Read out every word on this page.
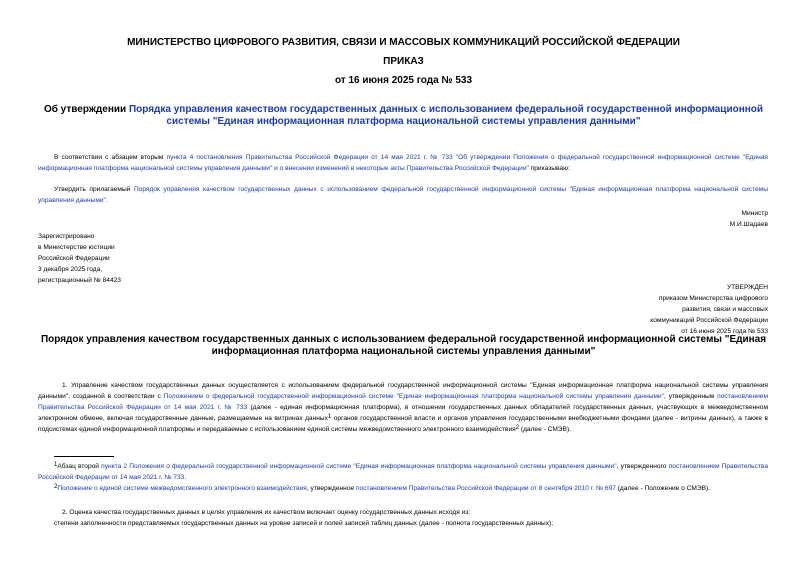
МИНИСТЕРСТВО ЦИФРОВОГО РАЗВИТИЯ, СВЯЗИ И МАССОВЫХ КОММУНИКАЦИЙ РОССИЙСКОЙ ФЕДЕРАЦИИ
ПРИКАЗ
от 16 июня 2025 года № 533
Об утверждении Порядка управления качеством государственных данных с использованием федеральной государственной информационной системы "Единая информационная платформа национальной системы управления данными"
В соответствии с абзацем вторым пункта 4 постановления Правительства Российской Федерации от 14 мая 2021 г. № 733 "Об утверждении Положения о федеральной государственной информационной системе "Единая информационная платформа национальной системы управления данными" и о внесении изменений в некоторые акты Правительства Российской Федерации" приказываю:
Утвердить прилагаемый Порядок управления качеством государственных данных с использованием федеральной государственной информационной системы "Единая информационная платформа национальной системы управления данными".
Министр
М.И.Шадаев
Зарегистрировано
в Министерстве юстиции
Российской Федерации
3 декабря 2025 года,
регистрационный № 84423
УТВЕРЖДЕН
приказом Министерства цифрового
развития, связи и массовых
коммуникаций Российской Федерации
от 16 июня 2025 года № 533
Порядок управления качеством государственных данных с использованием федеральной государственной информационной системы "Единая информационная платформа национальной системы управления данными"
1. Управление качеством государственных данных осуществляется с использованием федеральной государственной информационной системы "Единая информационная платформа национальной системы управления данными", созданной в соответствии с Положением о федеральной государственной информационной системе "Единая информационная платформа национальной системы управления данными", утвержденным постановлением Правительства Российской Федерации от 14 мая 2021 г. № 733 (далее - единая информационная платформа), в отношении государственных данных обладателей государственных данных, участвующих в межведомственном электронном обмене, включая государственные данные, размещаемые на витринах данных$^1$ органов государственной власти и органов управления государственными внебюджетными фондами (далее - витрины данных), а также в подсистемах единой информационной платформы и передаваемые с использованием единой системы межведомственного электронного взаимодействия$^2$ (далее - СМЭВ).
$^1$Абзац второй пункта 2 Положения о федеральной государственной информационной системе "Единая информационная платформа национальной системы управления данными", утвержденного постановлением Правительства Российской Федерации от 14 мая 2021 г. № 733.
$^2$Положение о единой системе межведомственного электронного взаимодействия, утвержденное постановлением Правительства Российской Федерации от 8 сентября 2010 г. № 697 (далее - Положение о СМЭВ).
2. Оценка качества государственных данных в целях управления их качеством включает оценку государственных данных исходя из:
степени заполненности представляемых государственных данных на уровне записей и полей записей таблиц данных (далее - полнота государственных данных);
